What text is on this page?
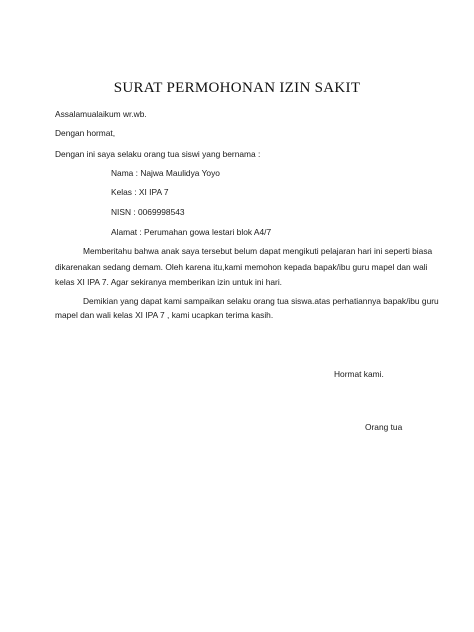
SURAT PERMOHONAN IZIN SAKIT
Assalamualaikum wr.wb.
Dengan hormat,
Dengan ini saya selaku orang tua siswi yang bernama :
Nama : Najwa Maulidya Yoyo
Kelas : XI IPA 7
NISN : 0069998543
Alamat : Perumahan gowa lestari blok A4/7
Memberitahu bahwa anak saya tersebut belum dapat mengikuti pelajaran hari ini seperti biasa
dikarenakan sedang demam. Oleh karena itu,kami memohon kepada bapak/ibu guru mapel dan wali
kelas XI IPA 7. Agar sekiranya memberikan izin untuk ini hari.
Demikian yang dapat kami sampaikan selaku orang tua siswa.atas perhatiannya bapak/ibu guru
mapel dan wali kelas XI IPA 7 , kami ucapkan terima kasih.
Hormat kami.
Orang tua
